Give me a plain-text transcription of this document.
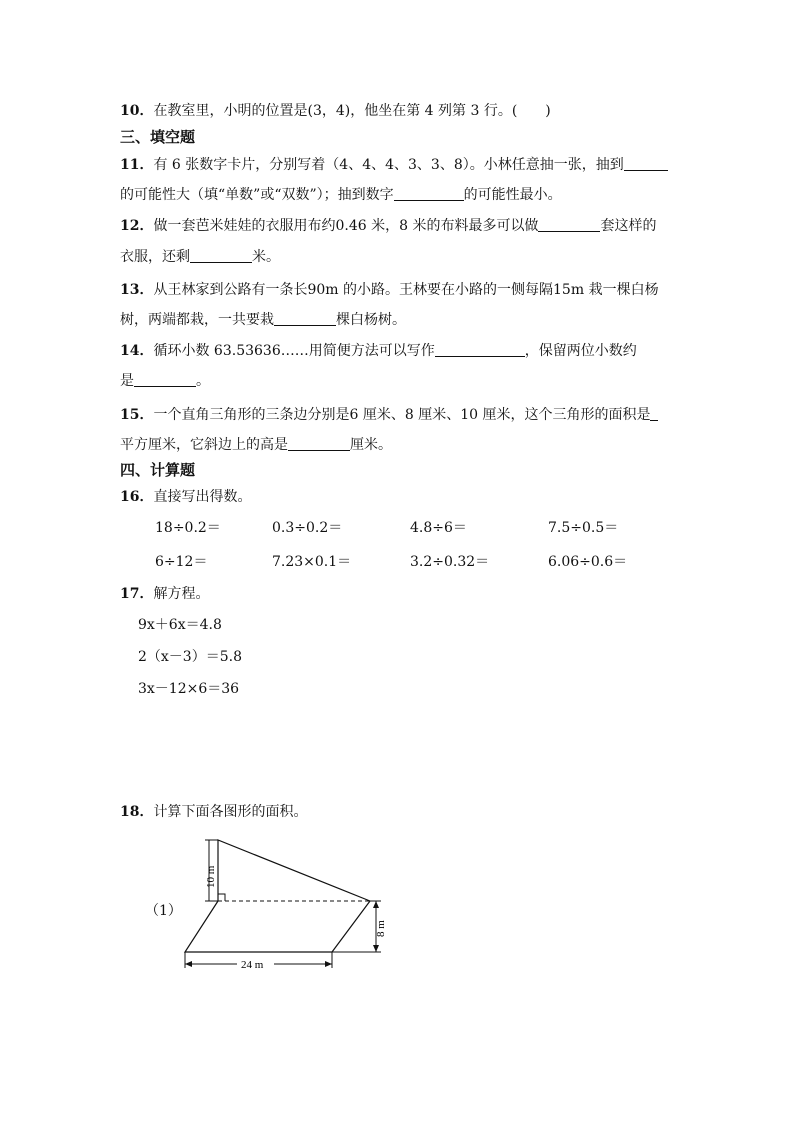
10．在教室里，小明的位置是(3，4)，他坐在第 4 列第 3 行。(　　)
三、填空题
11．有 6 张数字卡片，分别写着（4、4、4、3、3、8）。小林任意抽一张，抽到
的可能性大（填“单数”或“双数”）；抽到数字	的可能性最小。
12．做一套芭米娃娃的衣服用布约0.46 米，8 米的布料最多可以做	套这样的
衣服，还剩	米。
13．从王林家到公路有一条长90m 的小路。王林要在小路的一侧每隔15m 栽一棵白杨
树，两端都栽，一共要栽	棵白杨树。
14．循环小数 63.53636……用简便方法可以写作	，保留两位小数约
是	。
15．一个直角三角形的三条边分别是6 厘米、8 厘米、10 厘米，这个三角形的面积是
平方厘米，它斜边上的高是	厘米。
四、计算题
16．直接写出得数。
18÷0.2＝	0.3÷0.2＝	4.8÷6＝	7.5÷0.5＝
6÷12＝	7.23×0.1＝	3.2÷0.32＝	6.06÷0.6＝
17．解方程。
9x＋6x＝4.8
2（x－3）＝5.8
3x－12×6＝36
18．计算下面各图形的面积。
（1）
10 m
8 m
24 m
